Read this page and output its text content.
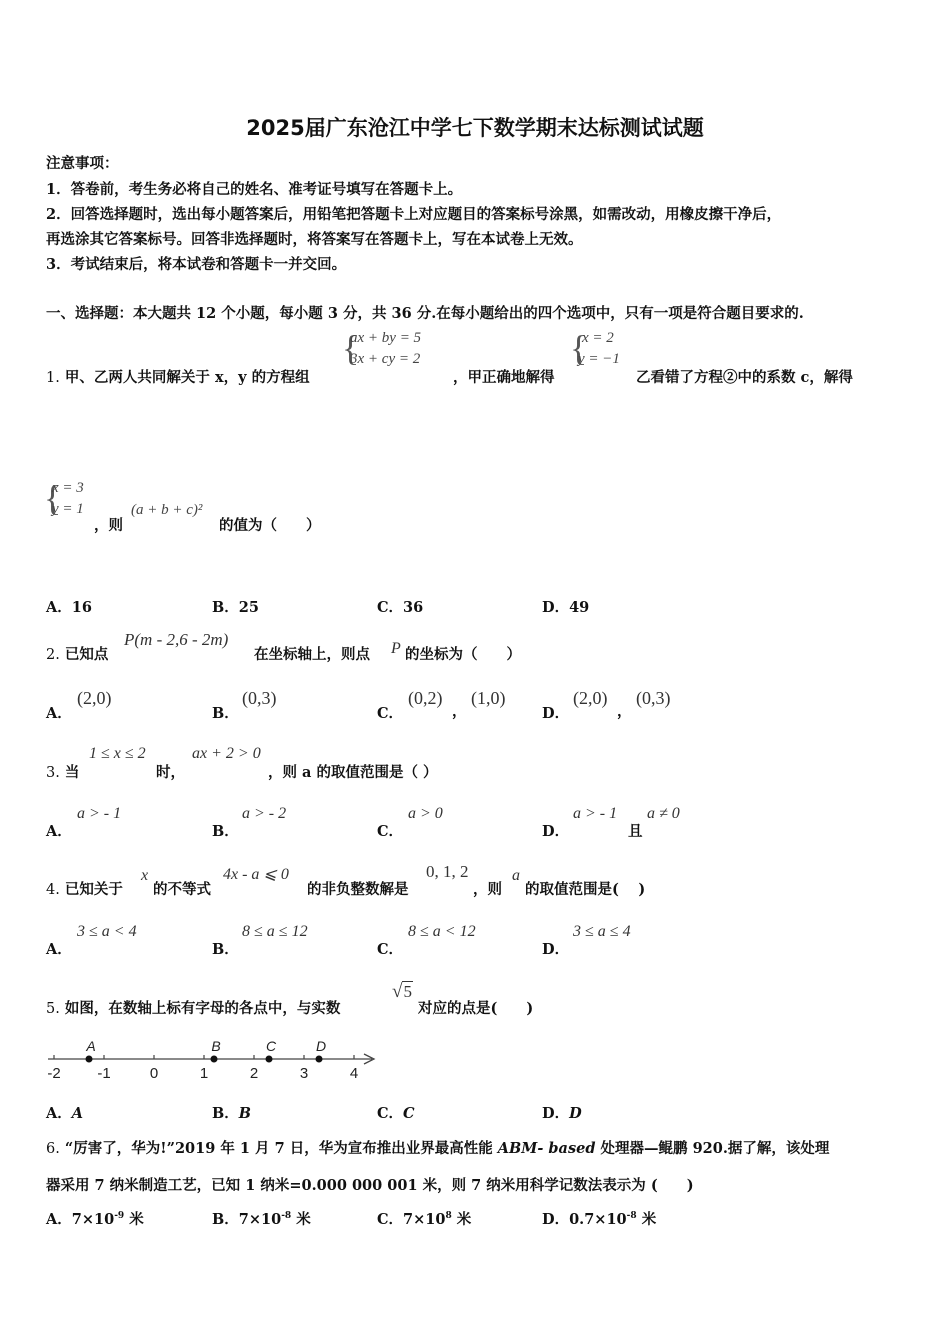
2025届广东沧江中学七下数学期末达标测试试题
注意事项：
1．答卷前，考生务必将自己的姓名、准考证号填写在答题卡上。
2．回答选择题时，选出每小题答案后，用铅笔把答题卡上对应题目的答案标号涂黑，如需改动，用橡皮擦干净后，
再选涂其它答案标号。回答非选择题时，将答案写在答题卡上，写在本试卷上无效。
3．考试结束后，将本试卷和答题卡一并交回。
一、选择题：本大题共 12 个小题，每小题 3 分，共 36 分.在每小题给出的四个选项中，只有一项是符合题目要求的.
1. 甲、乙两人共同解关于 x，y 的方程组
{
ax + by = 5
3x + cy = 2
，甲正确地解得
{
x = 2
y = −1
乙看错了方程②中的系数 c，解得
{
x = 3
y = 1
，则
(a + b + c)²
的值为（　　）
A．16	B．25	C．36	D．49
2. 已知点
P(m - 2,6 - 2m)
在坐标轴上，则点 P 的坐标为（　　）
A．
(2,0)
B．
(0,3)
C．
(0,2)
，
(1,0)
D．
(2,0)
，
(0,3)
3. 当
1 ≤ x ≤ 2
时，
ax + 2 > 0
，则 a 的取值范围是（ ）
A．
a > - 1
B．
a > - 2
C．
a > 0
D．
a > - 1
且
a ≠ 0
4. 已知关于
x
的不等式
4x - a ⩽ 0
的非负整数解是
0, 1, 2
，则
a
的取值范围是(　 )
A．
3 ≤ a < 4
B．
8 ≤ a ≤ 12
C．
8 ≤ a < 12
D．
3 ≤ a ≤ 4
5. 如图，在数轴上标有字母的各点中，与实数
√5
对应的点是(　　)
-2 -1	0	1	2	3	4
A	B	C	D
A．A	B．B	C．C	D．D
6. “厉害了，华为!”2019 年 1 月 7 日，华为宣布推出业界最高性能 ABM- based 处理器—鲲鹏 920.据了解，该处理
器采用 7 纳米制造工艺，已知 1 纳米=0.000 000 001 米，则 7 纳米用科学记数法表示为 (　　)
A．$7\times 10^{-9}$ 米	B．$7\times 10^{-8}$ 米	C．$7\times 10^8$ 米	D．$0.7\times 10^{-8}$ 米
